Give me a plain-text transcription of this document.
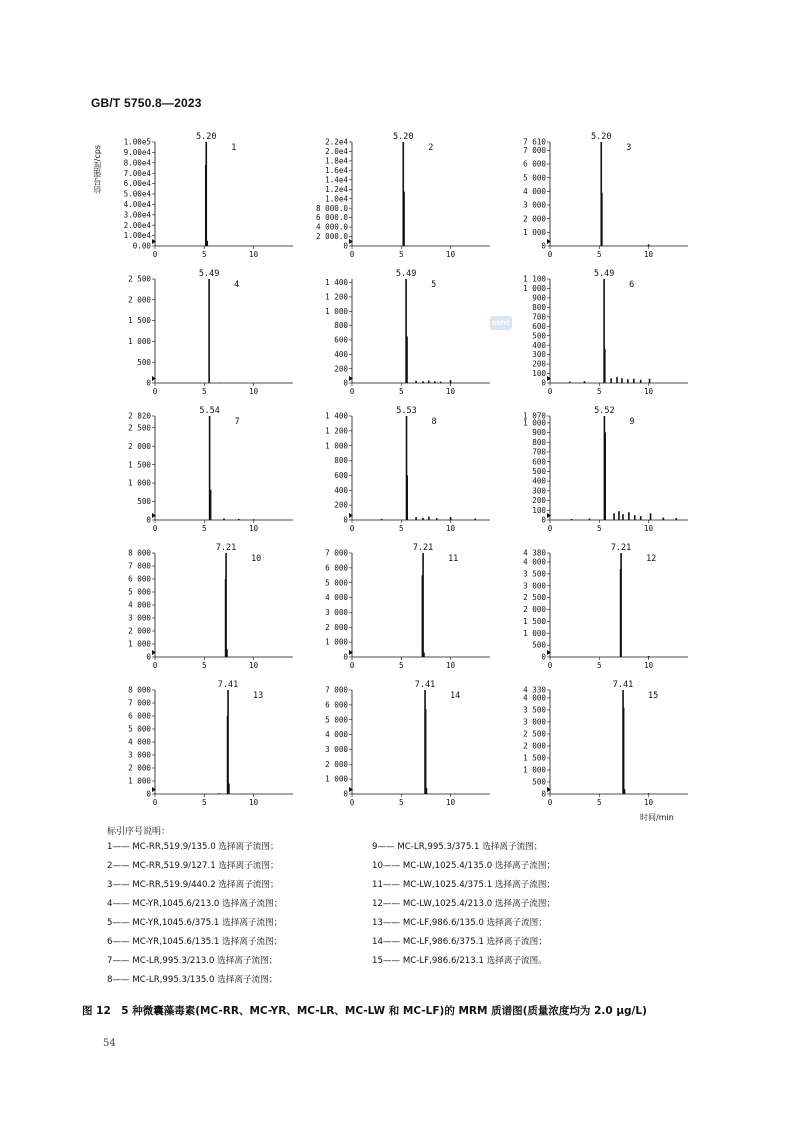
GB/T 5750.8—2023
0.00
1.00e4
2.00e4
3.00e4
4.00e4
5.00e4
6.00e4
7.00e4
8.00e4
9.00e4
1.00e5
0	5	10
5.20
1
0
2 000.0
4 000.0
6 000.0
8 000.0
1.0e4
1.2e4
1.4e4
1.6e4
1.8e4
2.0e4
2.2e4
0	5	10
5.20
2
0
1 000
2 000
3 000
4 000
5 000
6 000
7 000
7 610
0	5	10
5.20
3
0
500
1 000
1 500
2 000
2 500
0	5	10
5.49
4
0
200
400
600
800
1 000
1 200
1 400
0	5	10
5.49
5
0
100
200
300
400
500
600
700
800
900
1 000
1 100
0	5	10
5.49
6
0
500
1 000
1 500
2 000
2 500
2 820
0	5	10
5.54
7
0
200
400
600
800
1 000
1 200
1 400
0	5	10
5.53
8
0
100
200
300
400
500
600
700
800
900
1 000
1 070
0	5	10
5.52
9
0
1 000
2 000
3 000
4 000
5 000
6 000
7 000
8 000
0	5	10
7.21
10
0
1 000
2 000
3 000
4 000
5 000
6 000
7 000
0	5	10
7.21
11
0
500
1 000
1 500
2 000
2 500
3 000
3 500
4 000
4 380
0	5	10
7.21
12
0
1 000
2 000
3 000
4 000
5 000
6 000
7 000
8 000
0	5	10
7.41
13
0
1 000
2 000
3 000
4 000
5 000
6 000
7 000
0	5	10
7.41
14
0
500
1 000
1 500
2 000
2 500
3 000
3 500
4 000
4 330
0	5	10
7.41
15
信号强度/cps
时间/min
ssnc
标引序号说明：
1—— MC-RR,519.9/135.0 选择离子流图；
2—— MC-RR,519.9/127.1 选择离子流图；
3—— MC-RR,519.9/440.2 选择离子流图；
4—— MC-YR,1045.6/213.0 选择离子流图；
5—— MC-YR,1045.6/375.1 选择离子流图；
6—— MC-YR,1045.6/135.1 选择离子流图；
7—— MC-LR,995.3/213.0 选择离子流图；
8—— MC-LR,995.3/135.0 选择离子流图；
9—— MC-LR,995.3/375.1 选择离子流图；
10—— MC-LW,1025.4/135.0 选择离子流图；
11—— MC-LW,1025.4/375.1 选择离子流图；
12—— MC-LW,1025.4/213.0 选择离子流图；
13—— MC-LF,986.6/135.0 选择离子流图；
14—— MC-LF,986.6/375.1 选择离子流图；
15—— MC-LF,986.6/213.1 选择离子流图。
图 12　5 种微囊藻毒素(MC-RR、MC-YR、MC-LR、MC-LW 和 MC-LF)的 MRM 质谱图(质量浓度均为 2.0 μg/L)
54
